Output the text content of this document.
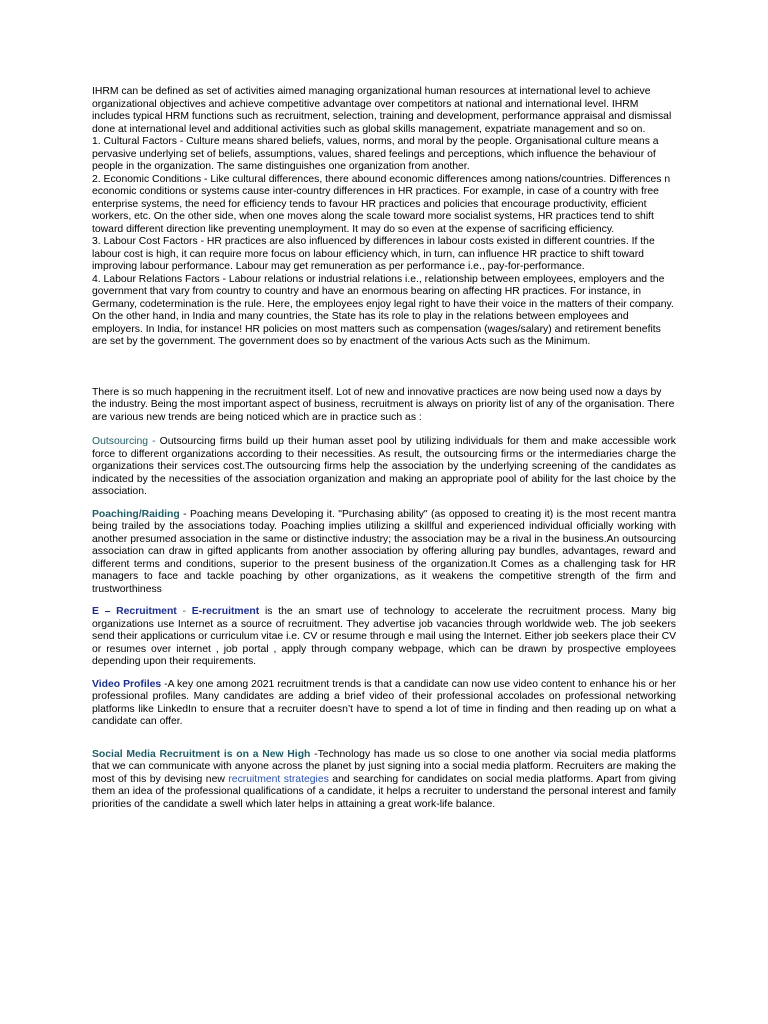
IHRM can be defined as set of activities aimed managing organizational human resources at international level to achieve organizational objectives and achieve competitive advantage over competitors at national and international level. IHRM includes typical HRM functions such as recruitment, selection, training and development, performance appraisal and dismissal done at international level and additional activities such as global skills management, expatriate management and so on.

1. Cultural Factors - Culture means shared beliefs, values, norms, and moral by the people. Organisational culture means a pervasive underlying set of beliefs, assumptions, values, shared feelings and perceptions, which influence the behaviour of people in the organization. The same distinguishes one organization from another.

2. Economic Conditions - Like cultural differences, there abound economic differences among nations/countries. Differences n economic conditions or systems cause inter-country differences in HR practices. For example, in case of a country with free enterprise systems, the need for efficiency tends to favour HR practices and policies that encourage productivity, efficient workers, etc. On the other side, when one moves along the scale toward more socialist systems, HR practices tend to shift toward different direction like preventing unemployment. It may do so even at the expense of sacrificing efficiency.

3. Labour Cost Factors - HR practices are also influenced by differences in labour costs existed in different countries. If the labour cost is high, it can require more focus on labour efficiency which, in turn, can influence HR practice to shift toward improving labour performance. Labour may get remuneration as per performance i.e., pay-for-performance.

4. Labour Relations Factors - Labour relations or industrial relations i.e., relationship between employees, employers and the government that vary from country to country and have an enormous bearing on affecting HR practices. For instance, in Germany, codetermination is the rule. Here, the employees enjoy legal right to have their voice in the matters of their company.

On the other hand, in India and many countries, the State has its role to play in the relations between employees and employers. In India, for instance! HR policies on most matters such as compensation (wages/salary) and retirement benefits are set by the government. The government does so by enactment of the various Acts such as the Minimum.

There is so much happening in the recruitment itself. Lot of new and innovative practices are now being used now a days by the industry. Being the most important aspect of business, recruitment is always on priority list of any of the organisation. There are various new trends are being noticed which are in practice such as :

Outsourcing - Outsourcing firms build up their human asset pool by utilizing individuals for them and make accessible work force to different organizations according to their necessities. As result, the outsourcing firms or the intermediaries charge the organizations their services cost.The outsourcing firms help the association by the underlying screening of the candidates as indicated by the necessities of the association organization and making an appropriate pool of ability for the last choice by the association.

Poaching/Raiding - Poaching means Developing it. "Purchasing ability" (as opposed to creating it) is the most recent mantra being trailed by the associations today. Poaching implies utilizing a skillful and experienced individual officially working with another presumed association in the same or distinctive industry; the association may be a rival in the business.An outsourcing association can draw in gifted applicants from another association by offering alluring pay bundles, advantages, reward and different terms and conditions, superior to the present business of the organization.It Comes as a challenging task for HR managers to face and tackle poaching by other organizations, as it weakens the competitive strength of the firm and trustworthiness

E – Recruitment - E-recruitment is the an smart use of technology to accelerate the recruitment process. Many big organizations use Internet as a source of recruitment. They advertise job vacancies through worldwide web. The job seekers send their applications or curriculum vitae i.e. CV or resume through e mail using the Internet. Either job seekers place their CV or resumes over internet , job portal , apply through company webpage, which can be drawn by prospective employees depending upon their requirements.

Video Profiles -A key one among 2021 recruitment trends is that a candidate can now use video content to enhance his or her professional profiles. Many candidates are adding a brief video of their professional accolades on professional networking platforms like LinkedIn to ensure that a recruiter doesn’t have to spend a lot of time in finding and then reading up on what a candidate can offer.

Social Media Recruitment is on a New High -Technology has made us so close to one another via social media platforms that we can communicate with anyone across the planet by just signing into a social media platform. Recruiters are making the most of this by devising new recruitment strategies and searching for candidates on social media platforms. Apart from giving them an idea of the professional qualifications of a candidate, it helps a recruiter to understand the personal interest and family priorities of the candidate a swell which later helps in attaining a great work-life balance.
